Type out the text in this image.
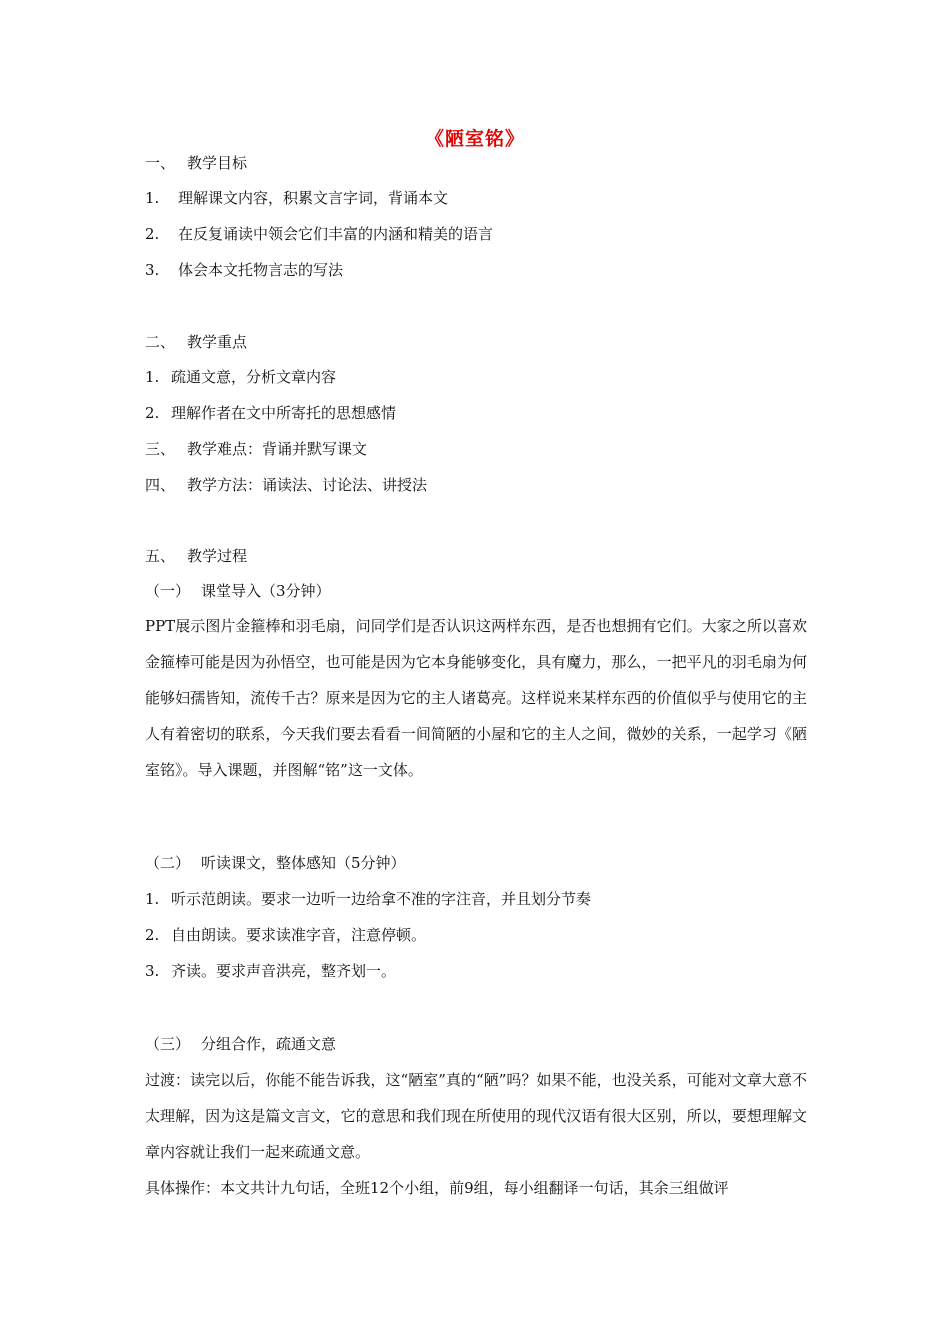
《陋室铭》
一、 教学目标
1. 理解课文内容，积累文言字词，背诵本文
2. 在反复诵读中领会它们丰富的内涵和精美的语言
3. 体会本文托物言志的写法
二、 教学重点
1. 疏通文意，分析文章内容
2. 理解作者在文中所寄托的思想感情
三、 教学难点：背诵并默写课文
四、 教学方法：诵读法、讨论法、讲授法
五、 教学过程
（一） 课堂导入（3分钟）
PPT展示图片金箍棒和羽毛扇，问同学们是否认识这两样东西，是否也想拥有它们。大家之所以喜欢金箍棒可能是因为孙悟空，也可能是因为它本身能够变化，具有魔力，那么，一把平凡的羽毛扇为何能够妇孺皆知，流传千古？原来是因为它的主人诸葛亮。这样说来某样东西的价值似乎与使用它的主人有着密切的联系，今天我们要去看看一间简陋的小屋和它的主人之间，微妙的关系，一起学习《陋室铭》。导入课题，并图解“铭”这一文体。
（二） 听读课文，整体感知（5分钟）
1. 听示范朗读。要求一边听一边给拿不准的字注音，并且划分节奏
2. 自由朗读。要求读准字音，注意停顿。
3. 齐读。要求声音洪亮，整齐划一。
（三） 分组合作，疏通文意
过渡：读完以后，你能不能告诉我，这“陋室”真的“陋”吗？如果不能，也没关系，可能对文章大意不太理解，因为这是篇文言文，它的意思和我们现在所使用的现代汉语有很大区别，所以，要想理解文章内容就让我们一起来疏通文意。
具体操作：本文共计九句话，全班12个小组，前9组，每小组翻译一句话，其余三组做评
